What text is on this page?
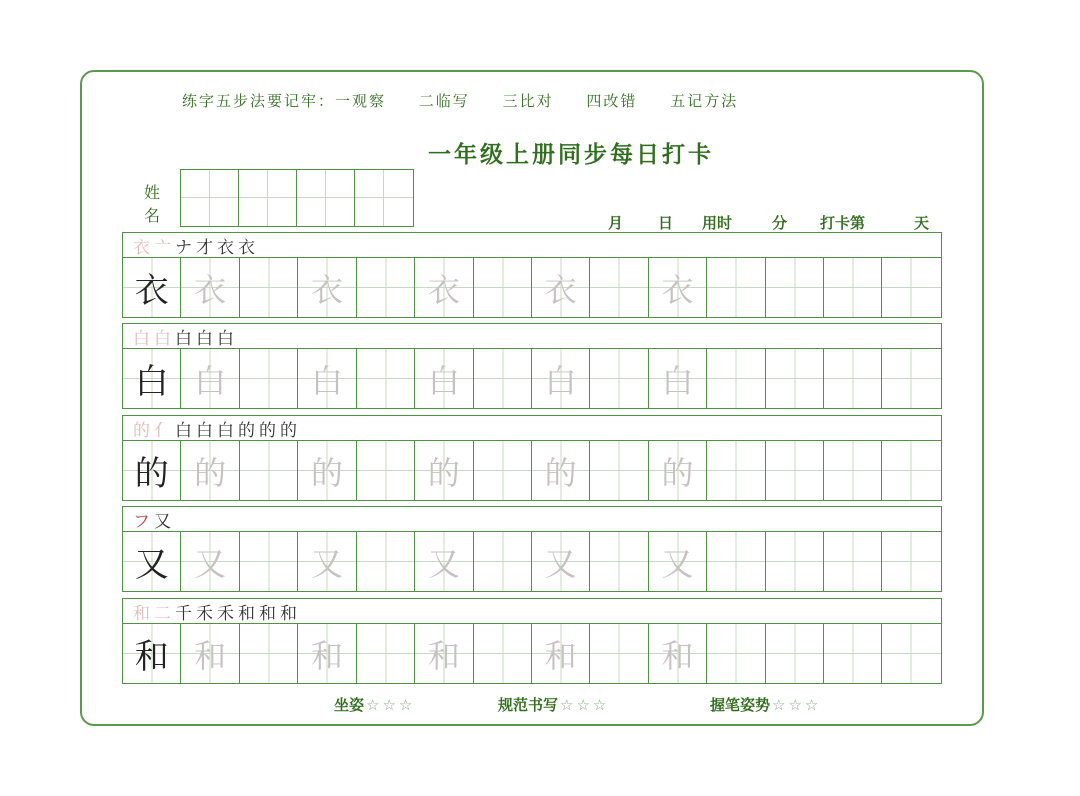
练字五步法要记牢：一观察 二临写 三比对 四改错 五记方法
一年级上册同步每日打卡
姓
名	月 日 用时	分 打卡第	天
衣 亠 ナ 才 衣 衣
衣 衣	衣	衣	衣	衣
白 白 白 白 白
白 白	白	白	白	白
的 亻 白 白 白 的 的 的
的 的	的	的	的	的
フ 又
又 又	又	又	又	又
和 二 千 禾 禾 和 和 和
和 和	和	和	和	和
坐姿 ☆☆☆	规范书写 ☆☆☆	握笔姿势 ☆☆☆
